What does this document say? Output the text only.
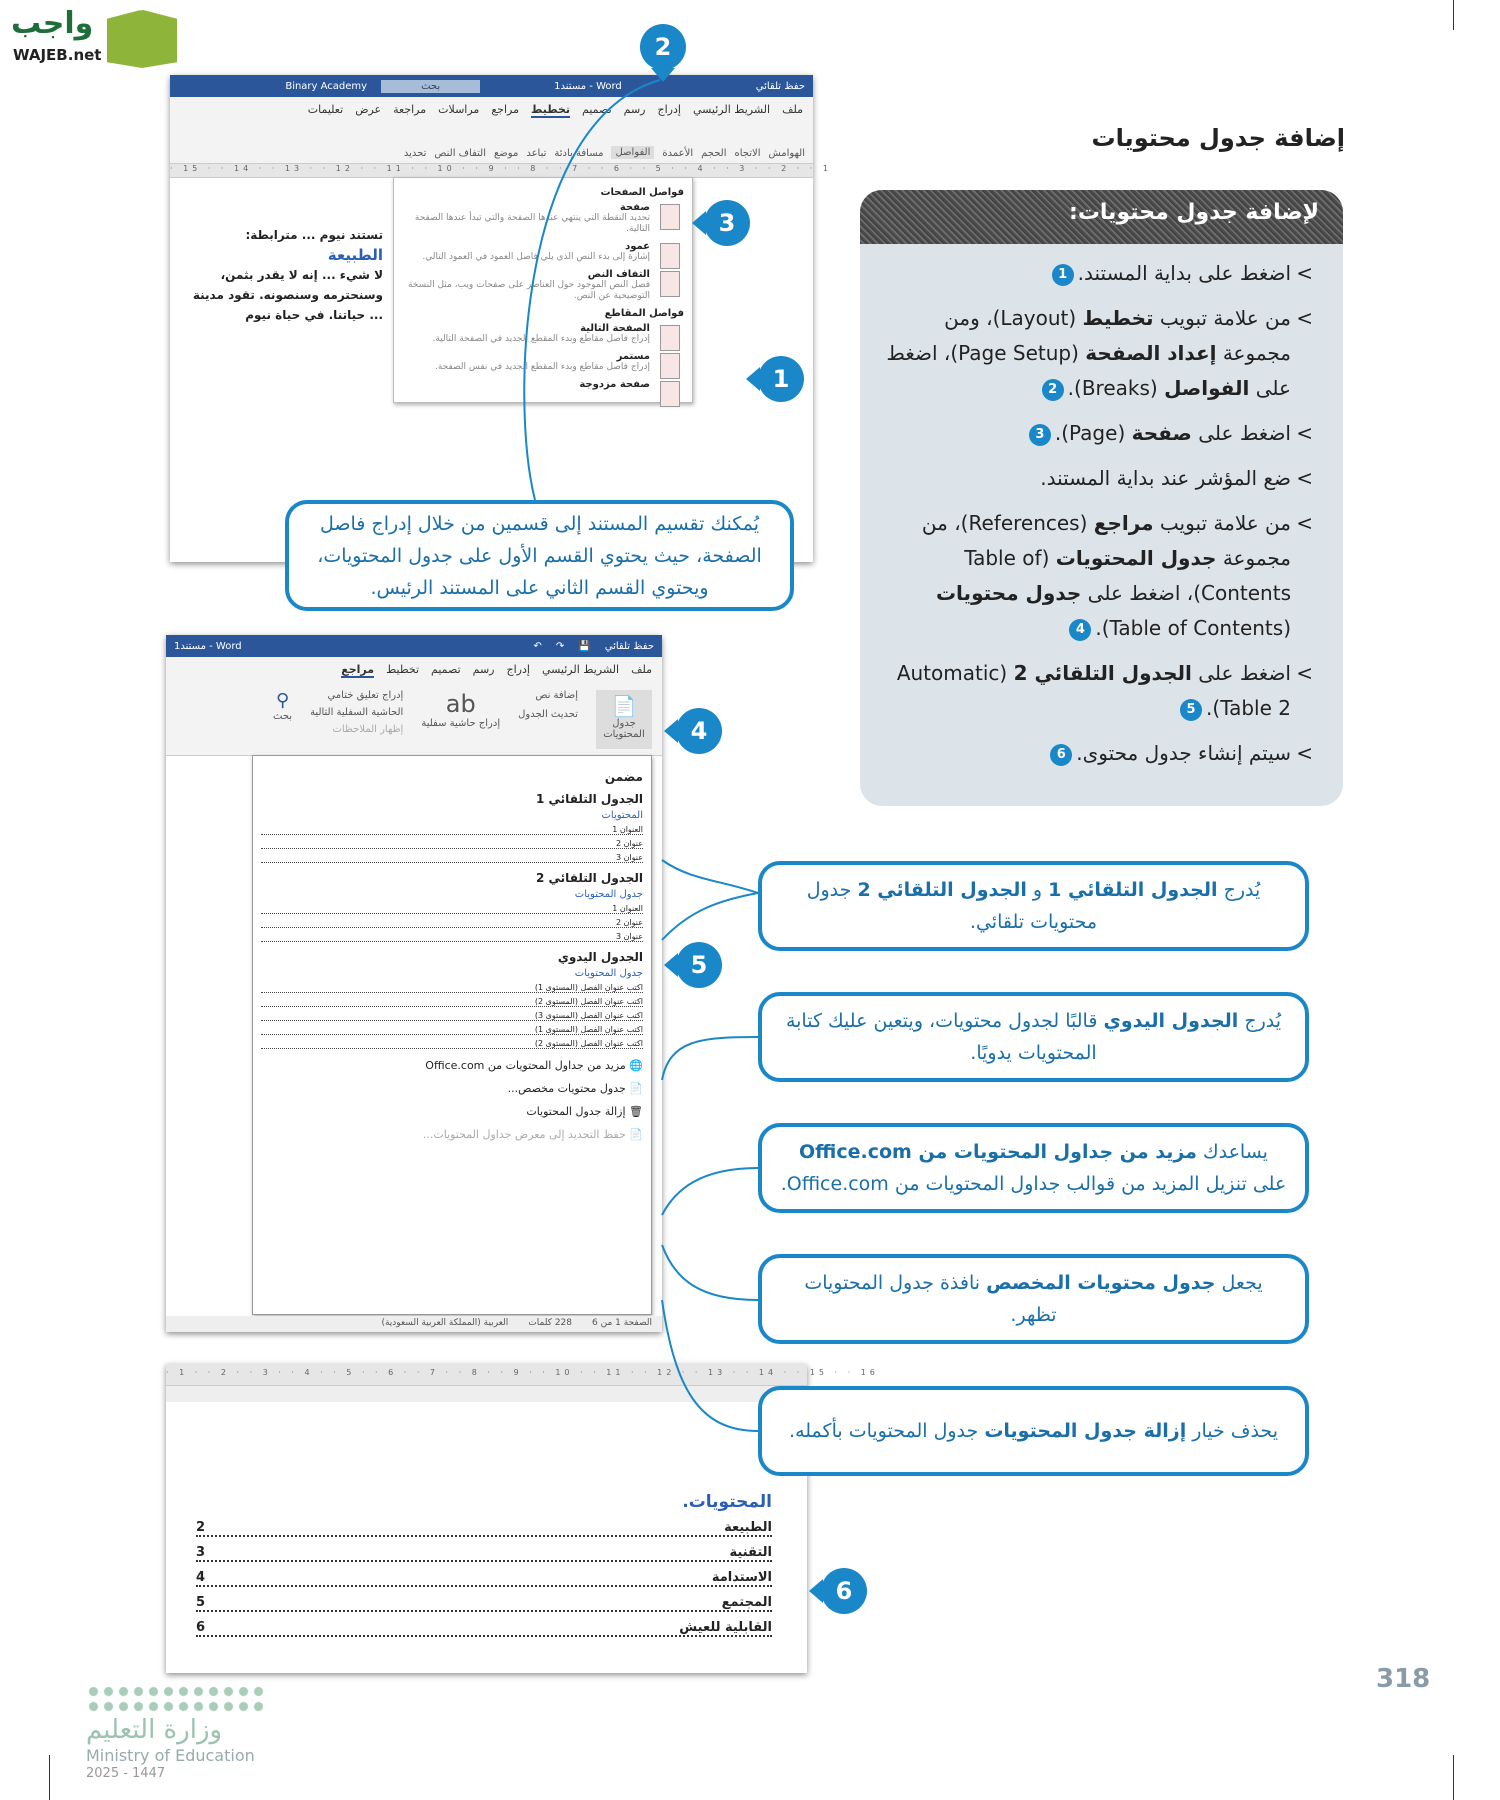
واجب
WAJEB.net
إضافة جدول محتويات
لإضافة جدول محتويات:
> اضغط على بداية المستند.1
> من علامة تبويب تخطيط (Layout)، ومن مجموعة إعداد الصفحة (Page Setup)، اضغط على الفواصل (Breaks).2
> اضغط على صفحة (Page).3
> ضع المؤشر عند بداية المستند.
> من علامة تبويب مراجع (References)، من مجموعة جدول المحتويات (Table of Contents)، اضغط على جدول محتويات (Table of Contents).4
> اضغط على الجدول التلقائي 2 (Automatic Table 2).5
> سيتم إنشاء جدول محتوى.6
حفظ تلقائي
Word - مستند1
بحث
Binary Academy
ملف
الشريط الرئيسي
إدراج
رسم
تصميم
تخطيط
مراجع
مراسلات
مراجعة
عرض
تعليمات
الهوامش
الاتجاه
الحجم
الأعمدة
الفواصل
مسافة بادئة
تباعد
موضع
التفاف النص
تحديد
· 15 · · 14 · · 13 · · 12 · · 11 · · 10 · · 9 · · 8 · · 7 · · 6 · · 5 · · 4 · · 3 · · 2 · · 1
تستند نيوم ... مترابطة:
الطبيعة
لا شيء ... إنه لا يقدر بثمن، وسنحترمه وسنصونه. تقود مدينة
... حياتنا. في حياة نيوم
فواصل الصفحات
صفحة
تحديد النقطة التي ينتهي عندها الصفحة والتي تبدأ عندها الصفحة التالية.
عمود
إشارة إلى بدء النص الذي يلي فاصل العمود في العمود التالي.
التفاف النص
فصل النص الموجود حول العناصر على صفحات ويب، مثل النسخة التوضيحية عن النص.
فواصل المقاطع
الصفحة التالية
إدراج فاصل مقاطع وبدء المقطع الجديد في الصفحة التالية.
مستمر
إدراج فاصل مقاطع وبدء المقطع الجديد في نفس الصفحة.
صفحة مزدوجة
يُمكنك تقسيم المستند إلى قسمين من خلال إدراج فاصل الصفحة، حيث يحتوي القسم الأول على جدول المحتويات، ويحتوي القسم الثاني على المستند الرئيس.
حفظ تلقائي
💾
↷
↶
Word - مستند1
ملف
الشريط الرئيسي
إدراج
رسم
تصميم
تخطيط
مراجع
📄
جدول المحتويات
إضافة نص
تحديث الجدول
ab
إدراج حاشية سفلية
إدراج تعليق ختامي
الحاشية السفلية التالية
إظهار الملاحظات
⚲
بحث
مضمن
الجدول التلقائي 1
المحتويات
العنوان 1
عنوان 2
عنوان 3
الجدول التلقائي 2
جدول المحتويات
العنوان 1
عنوان 2
عنوان 3
الجدول اليدوي
جدول المحتويات
اكتب عنوان الفصل (المستوى 1)
اكتب عنوان الفصل (المستوى 2)
اكتب عنوان الفصل (المستوى 3)
اكتب عنوان الفصل (المستوى 1)
اكتب عنوان الفصل (المستوى 2)
🌐 مزيد من جداول المحتويات من Office.com
📄 جدول محتويات مخصص...
🗑 إزالة جدول المحتويات
📄 حفظ التحديد إلى معرض جداول المحتويات...
الصفحة 1 من 6
228 كلمات
العربية (المملكة العربية السعودية)
· 1 · · 2 · · 3 · · 4 · · 5 · · 6 · · 7 · · 8 · · 9 · · 10 · · 11 · · 12 · · 13 · · 14 · · 15 · · 16
المحتويات.
الطبيعة
2
التقنية
3
الاستدامة
4
المجتمع
5
القابلية للعيش
6
يُدرج الجدول التلقائي 1 و الجدول التلقائي 2 جدول محتويات تلقائي.
يُدرج الجدول اليدوي قالبًا لجدول محتويات، ويتعين عليك كتابة المحتويات يدويًا.
يساعدك مزيد من جداول المحتويات من Office.com على تنزيل المزيد من قوالب جداول المحتويات من Office.com.
يجعل جدول محتويات المخصص نافذة جدول المحتويات تظهر.
يحذف خيار إزالة جدول المحتويات جدول المحتويات بأكمله.
1
2
3
4
5
6
318
وزارة التعليم
Ministry of Education
2025 - 1447
